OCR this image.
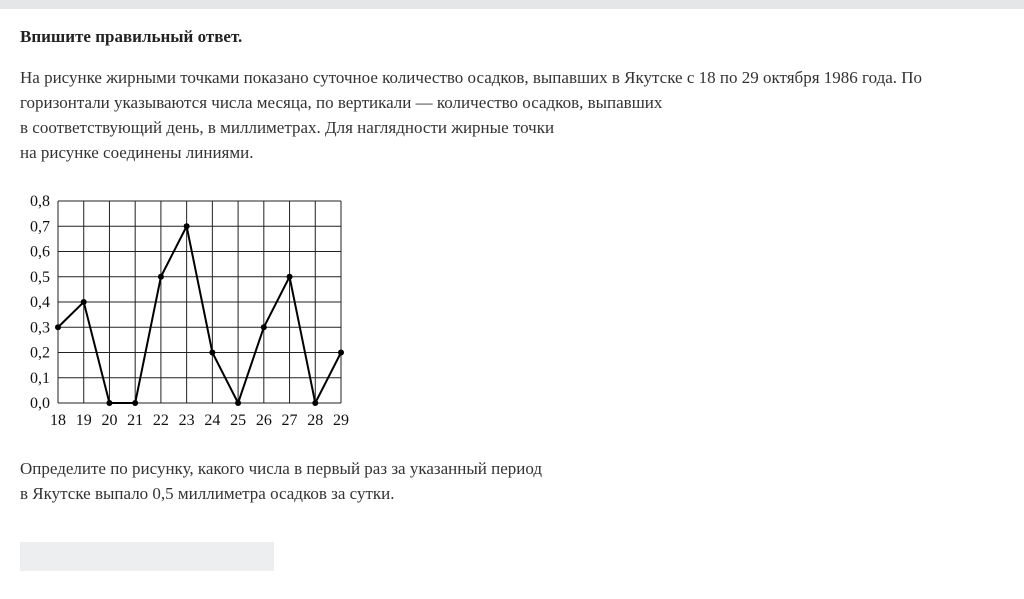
Впишите правильный ответ.
На рисунке жирными точками показано суточное количество осадков, выпавших в Якутске с 18 по 29 октября 1986 года. По
горизонтали указываются числа месяца, по вертикали — количество осадков, выпавших
в соответствующий день, в миллиметрах. Для наглядности жирные точки
на рисунке соединены линиями.
0,0
0,1
0,2
0,3
0,4
0,5
0,6
0,7
0,8
18 19 20 21 22 23 24 25 26 27 28 29
Определите по рисунку, какого числа в первый раз за указанный период
в Якутске выпало 0,5 миллиметра осадков за сутки.
